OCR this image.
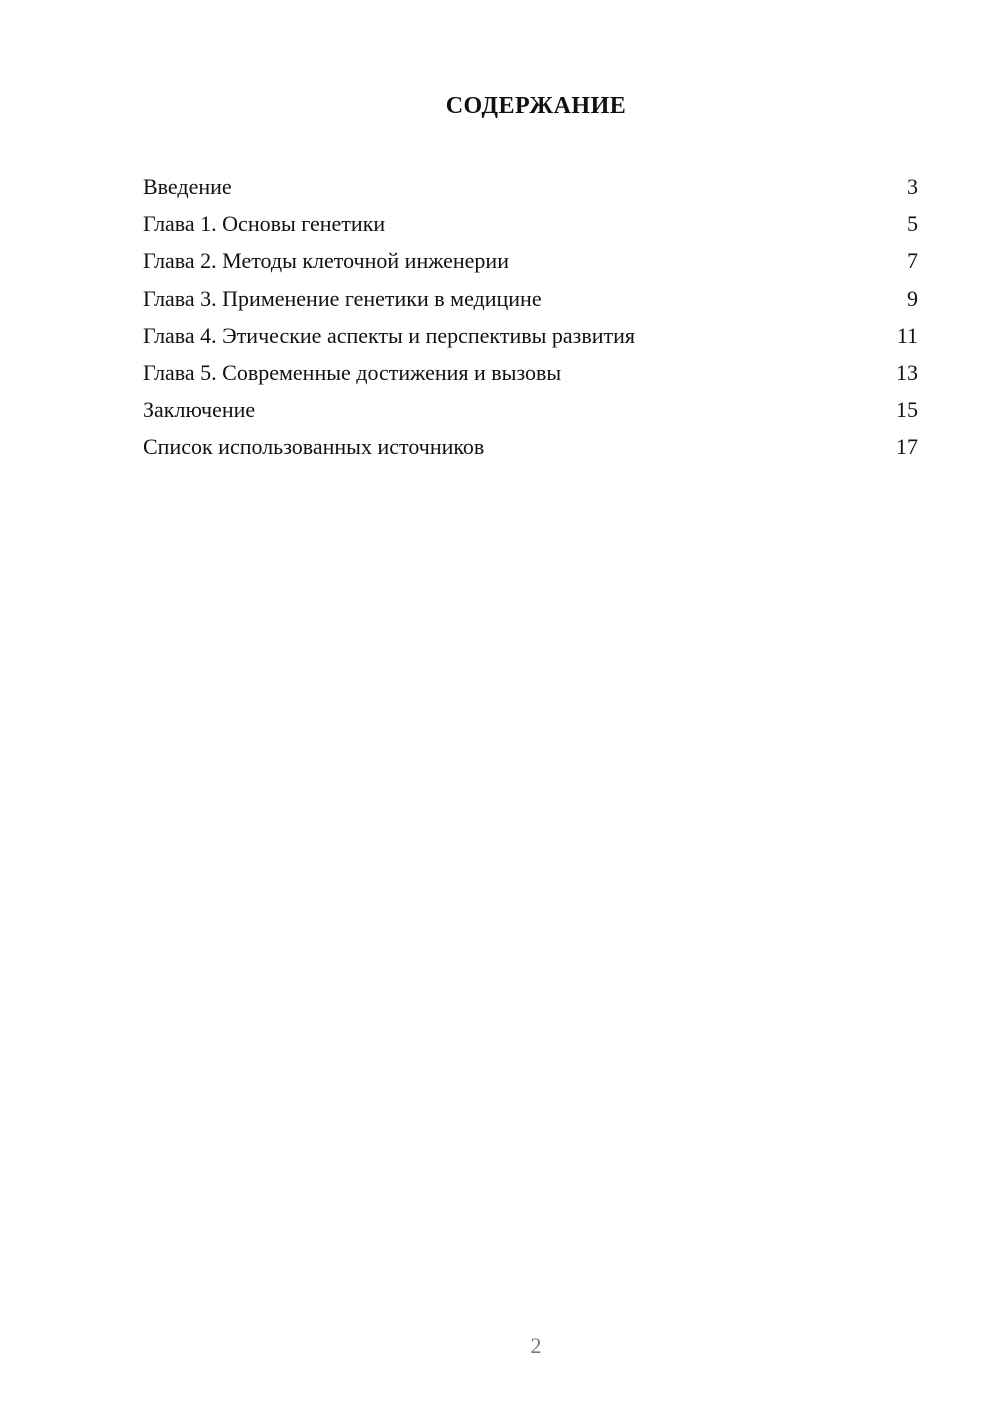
СОДЕРЖАНИЕ
Введение	3
Глава 1. Основы генетики	5
Глава 2. Методы клеточной инженерии	7
Глава 3. Применение генетики в медицине	9
Глава 4. Этические аспекты и перспективы развития	11
Глава 5. Современные достижения и вызовы	13
Заключение	15
Список использованных источников	17
2
